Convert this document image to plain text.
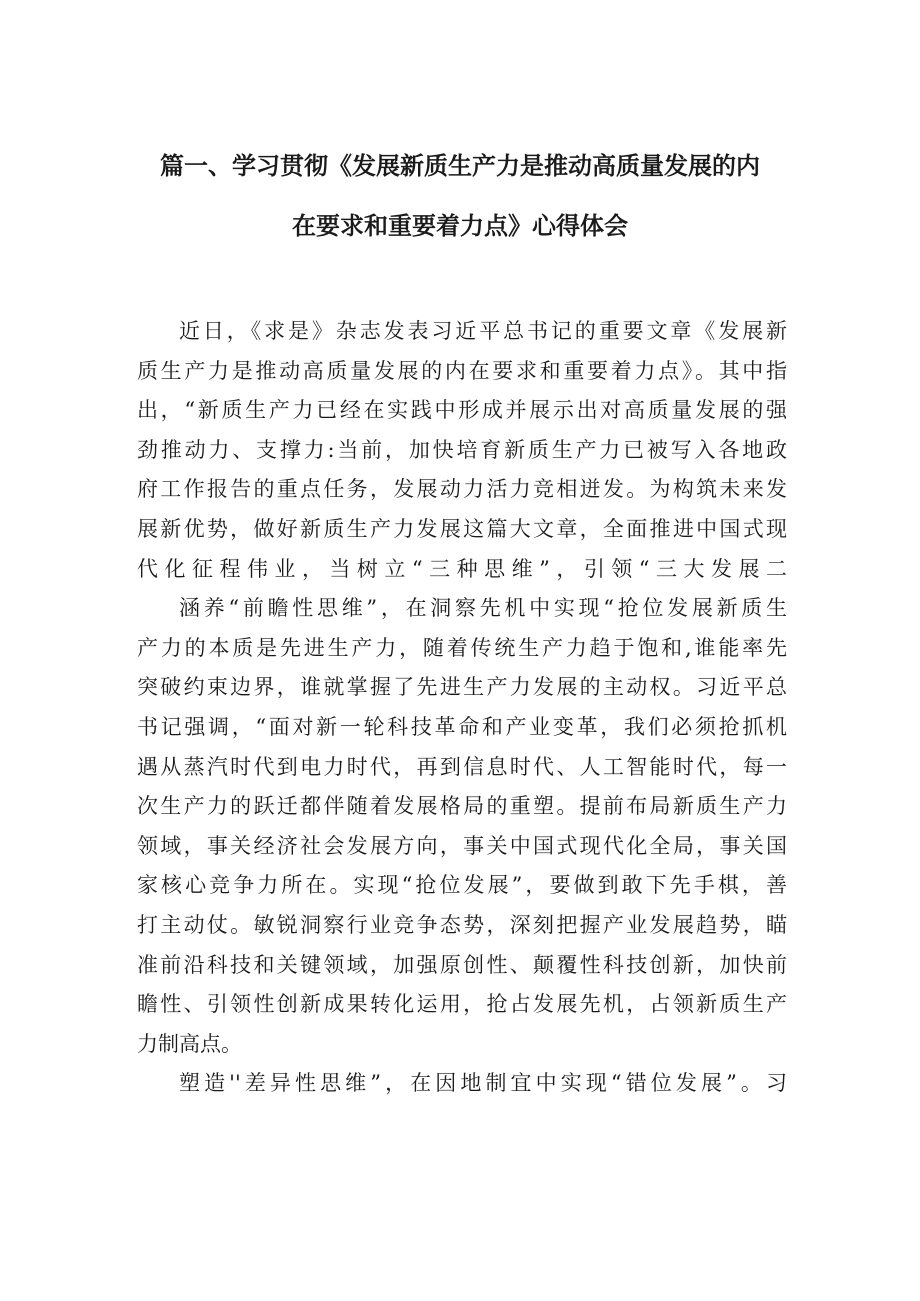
篇一、学习贯彻《发展新质生产力是推动高质量发展的内
在要求和重要着力点》心得体会
近日，《求是》杂志发表习近平总书记的重要文章《发展新
质生产力是推动高质量发展的内在要求和重要着力点》。其中指
出，“新质生产力已经在实践中形成并展示出对高质量发展的强
劲推动力、支撑力:当前，加快培育新质生产力已被写入各地政
府工作报告的重点任务，发展动力活力竞相迸发。为构筑未来发
展新优势，做好新质生产力发展这篇大文章，全面推进中国式现
代化征程伟业，当树立“三种思维”，引领“三大发展二
涵养“前瞻性思维”，在洞察先机中实现“抢位发展新质生
产力的本质是先进生产力，随着传统生产力趋于饱和,谁能率先
突破约束边界，谁就掌握了先进生产力发展的主动权。习近平总
书记强调，“面对新一轮科技革命和产业变革，我们必须抢抓机
遇从蒸汽时代到电力时代，再到信息时代、人工智能时代，每一
次生产力的跃迁都伴随着发展格局的重塑。提前布局新质生产力
领域，事关经济社会发展方向，事关中国式现代化全局，事关国
家核心竞争力所在。实现“抢位发展”，要做到敢下先手棋，善
打主动仗。敏锐洞察行业竞争态势，深刻把握产业发展趋势，瞄
准前沿科技和关键领域，加强原创性、颠覆性科技创新，加快前
瞻性、引领性创新成果转化运用，抢占发展先机，占领新质生产
力制高点。
塑造''差异性思维”，在因地制宜中实现“错位发展”。习
